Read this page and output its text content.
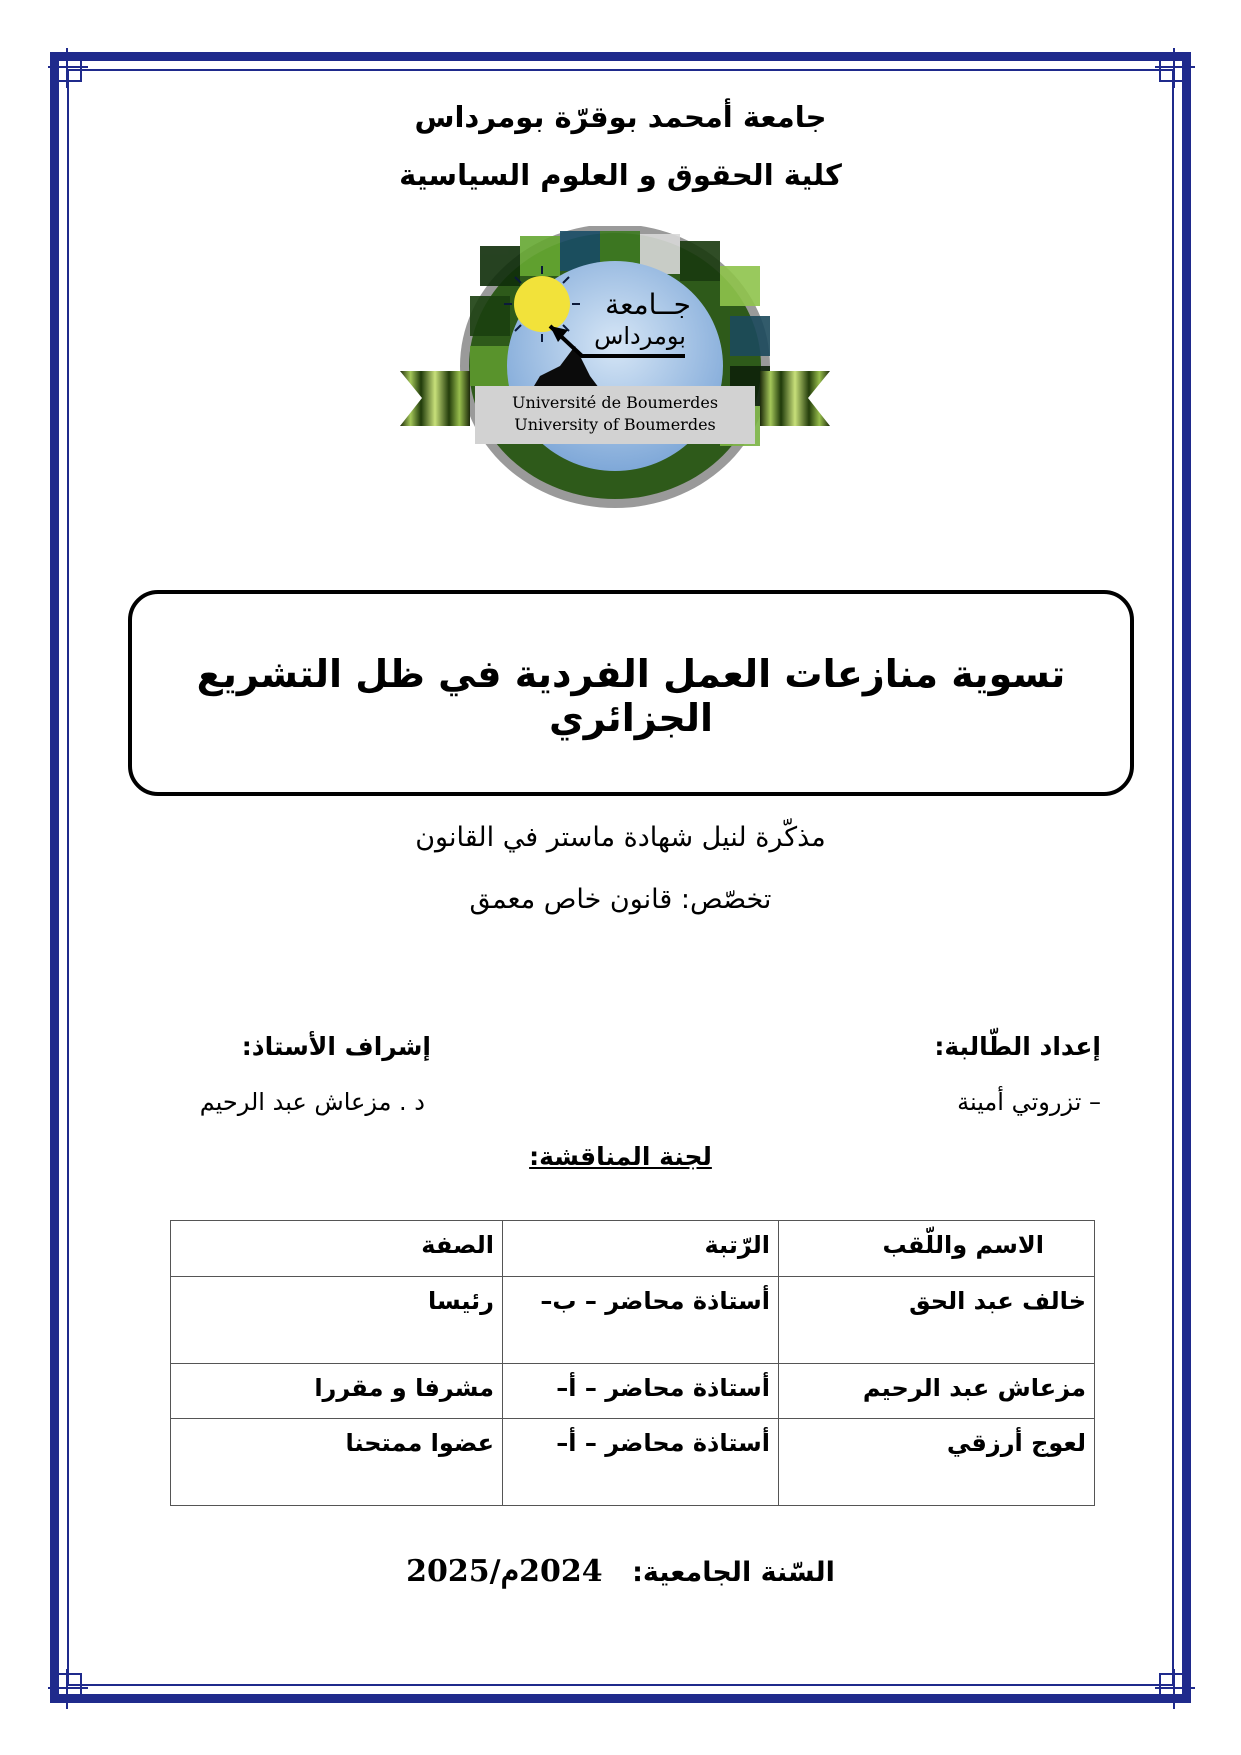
جامعة أمحمد بوقرّة بومرداس
كلية الحقوق و العلوم السياسية
جــامعة
بومرداس
Université de Boumerdes
University of Boumerdes
تسوية منازعات العمل الفردية في ظل التشريع الجزائري
مذكّرة لنيل شهادة ماستر في القانون
تخصّص: قانون خاص معمق
إعداد الطّالبة:
– تزروتي أمينة
إشراف الأستاذ:
د . مزعاش عبد الرحيم
لجنة المناقشة:
الاسم واللّقب	الرّتبة	الصفة
خالف عبد الحق	أستاذة محاضر – ب–	رئيسا
مزعاش عبد الرحيم	أستاذة محاضر – أ–	مشرفا و مقررا
لعوج أرزقي	أستاذة محاضر – أ–	عضوا ممتحنا
السّنة الجامعية: 2024م/2025
